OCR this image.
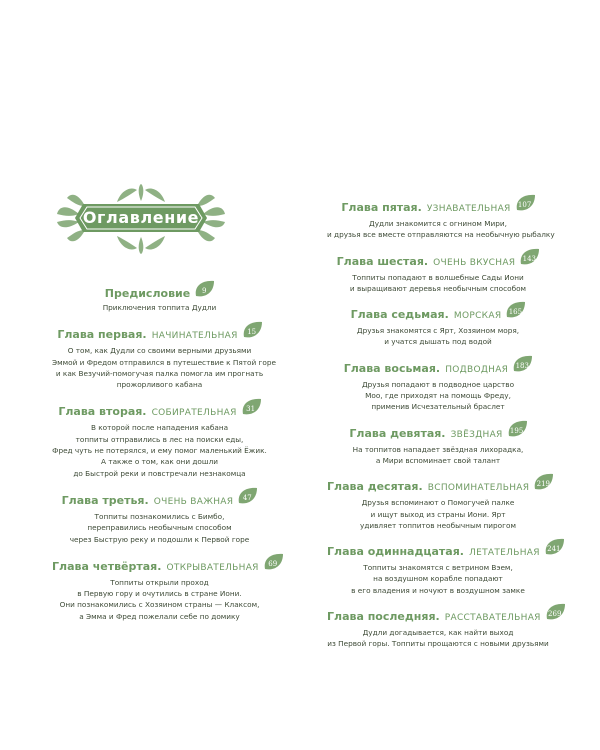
Оглавление
Предисловие	9
Приключения топпита Дудли
Глава первая. НАЧИНАТЕЛЬНАЯ	15
О том, как Дудли со своими верными друзьями
Эммой и Фредом отправился в путешествие к Пятой горе
и как Везучий-помогучая палка помогла им прогнать
прожорливого кабана
Глава вторая. СОБИРАТЕЛЬНАЯ	31
В которой после нападения кабана
топпиты отправились в лес на поиски еды,
Фред чуть не потерялся, и ему помог маленький Ёжик.
А также о том, как они дошли
до Быстрой реки и повстречали незнакомца
Глава третья. ОЧЕНЬ ВАЖНАЯ	47
Топпиты познакомились с Бимбо,
переправились необычным способом
через Быструю реку и подошли к Первой горе
Глава четвёртая. ОТКРЫВАТЕЛЬНАЯ	69
Топпиты открыли проход
в Первую гору и очутились в стране Иони.
Они познакомились с Хозяином страны — Клаксом,
а Эмма и Фред пожелали себе по домику
Глава пятая. УЗНАВАТЕЛЬНАЯ	107
Дудли знакомится с огнином Мири,
и друзья все вместе отправляются на необычную рыбалку
Глава шестая. ОЧЕНЬ ВКУСНАЯ	143
Топпиты попадают в волшебные Сады Иони
и выращивают деревья необычным способом
Глава седьмая. МОРСКАЯ	165
Друзья знакомятся с Ярт, Хозяином моря,
и учатся дышать под водой
Глава восьмая. ПОДВОДНАЯ	183
Друзья попадают в подводное царство
Моо, где приходят на помощь Фреду,
применив Исчезательный браслет
Глава девятая. ЗВЁЗДНАЯ	195
На топпитов нападает звёздная лихорадка,
а Мири вспоминает свой талант
Глава десятая. ВСПОМИНАТЕЛЬНАЯ	219
Друзья вспоминают о Помогучей палке
и ищут выход из страны Иони. Ярт
удивляет топпитов необычным пирогом
Глава одиннадцатая. ЛЕТАТЕЛЬНАЯ	241
Топпиты знакомятся с ветрином Вэем,
на воздушном корабле попадают
в его владения и ночуют в воздушном замке
Глава последняя. РАССТАВАТЕЛЬНАЯ	269
Дудли догадывается, как найти выход
из Первой горы. Топпиты прощаются с новыми друзьями
